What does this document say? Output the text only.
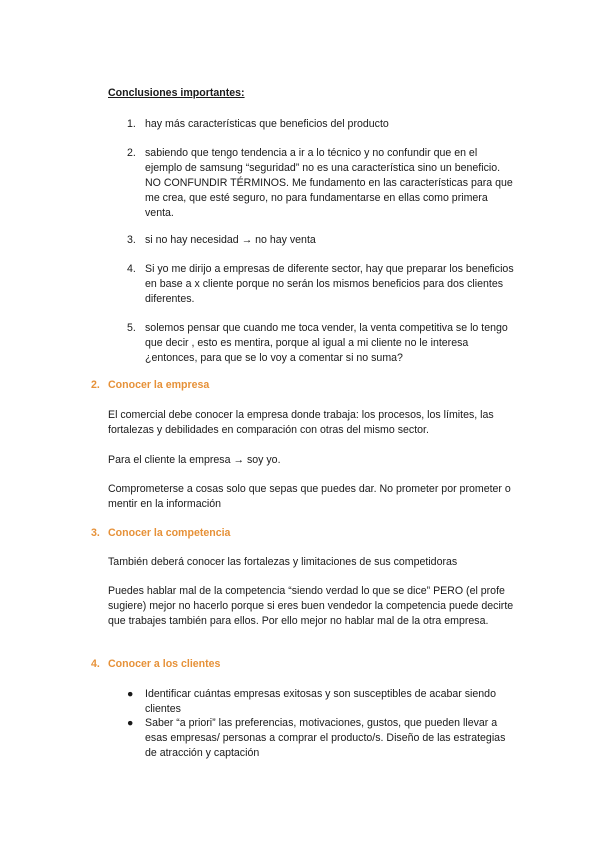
Conclusiones importantes:
1. hay más características que beneficios del producto
2. sabiendo que tengo tendencia a ir a lo técnico y no confundir que en el ejemplo de samsung “seguridad” no es una característica sino un beneficio. NO CONFUNDIR TÉRMINOS. Me fundamento en las características para que me crea, que esté seguro, no para fundamentarse en ellas como primera venta.
3. si no hay necesidad → no hay venta
4. Si yo me dirijo a empresas de diferente sector, hay que preparar los beneficios en base a x cliente porque no serán los mismos beneficios para dos clientes diferentes.
5. solemos pensar que cuando me toca vender, la venta competitiva se lo tengo que decir , esto es mentira, porque al igual a mi cliente no le interesa ¿entonces, para que se lo voy a comentar si no suma?
2. Conocer la empresa
El comercial debe conocer la empresa donde trabaja: los procesos, los límites, las fortalezas y debilidades en comparación con otras del mismo sector.
Para el cliente la empresa → soy yo.
Comprometerse a cosas solo que sepas que puedes dar. No prometer por prometer o mentir en la información
3. Conocer la competencia
También deberá conocer las fortalezas y limitaciones de sus competidoras
Puedes hablar mal de la competencia “siendo verdad lo que se dice” PERO (el profe sugiere) mejor no hacerlo porque si eres buen vendedor la competencia puede decirte que trabajes también para ellos. Por ello mejor no hablar mal de la otra empresa.
4. Conocer a los clientes
● Identificar cuántas empresas exitosas y son susceptibles de acabar siendo clientes
● Saber “a priori” las preferencias, motivaciones, gustos, que pueden llevar a esas empresas/ personas a comprar el producto/s. Diseño de las estrategias de atracción y captación
